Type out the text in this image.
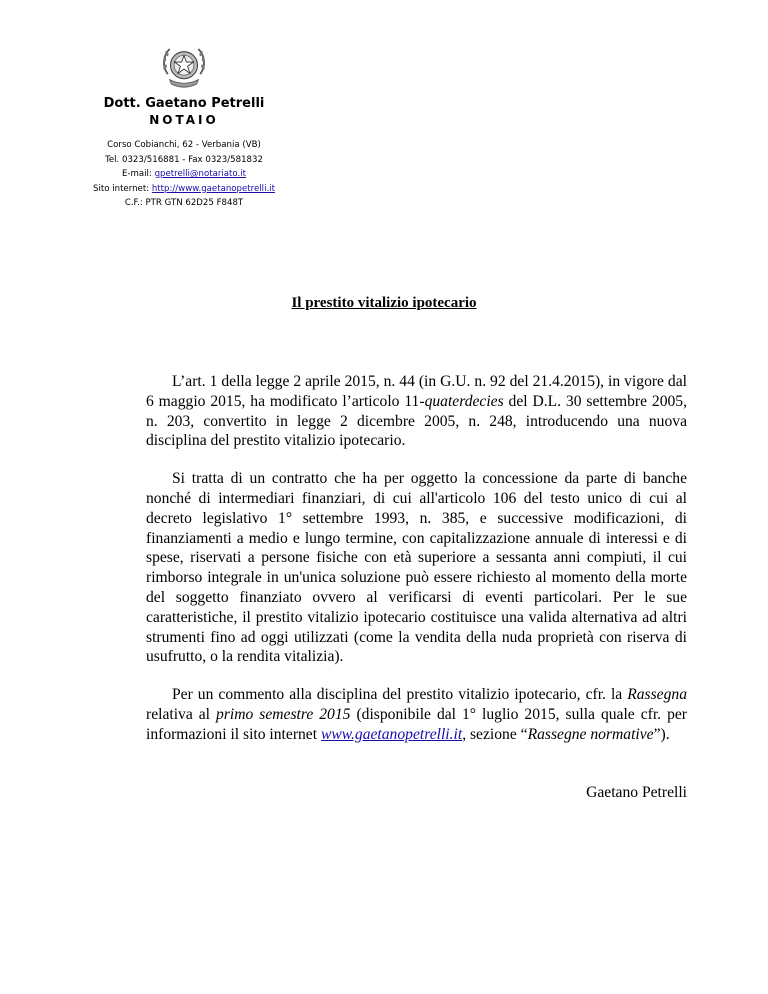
Dott. Gaetano Petrelli
NOTAIO
Corso Cobianchi, 62 - Verbania (VB)
Tel. 0323/516881 - Fax 0323/581832
E-mail: gpetrelli@notariato.it
Sito internet: http://www.gaetanopetrelli.it
C.F.: PTR GTN 62D25 F848T
Il prestito vitalizio ipotecario

L’art. 1 della legge 2 aprile 2015, n. 44 (in G.U. n. 92 del 21.4.2015), in vigore dal 6 maggio 2015, ha modificato l’articolo 11-quaterdecies del D.L. 30 settembre 2005, n. 203, convertito in legge 2 dicembre 2005, n. 248, introducendo una nuova disciplina del prestito vitalizio ipotecario.

Si tratta di un contratto che ha per oggetto la concessione da parte di banche nonché di intermediari finanziari, di cui all'articolo 106 del testo unico di cui al decreto legislativo 1° settembre 1993, n. 385, e successive modificazioni, di finanziamenti a medio e lungo termine, con capitalizzazione annuale di interessi e di spese, riservati a persone fisiche con età superiore a sessanta anni compiuti, il cui rimborso integrale in un'unica soluzione può essere richiesto al momento della morte del soggetto finanziato ovvero al verificarsi di eventi particolari. Per le sue caratteristiche, il prestito vitalizio ipotecario costituisce una valida alternativa ad altri strumenti fino ad oggi utilizzati (come la vendita della nuda proprietà con riserva di usufrutto, o la rendita vitalizia).

Per un commento alla disciplina del prestito vitalizio ipotecario, cfr. la Rassegna relativa al primo semestre 2015 (disponibile dal 1° luglio 2015, sulla quale cfr. per informazioni il sito internet www.gaetanopetrelli.it, sezione “Rassegne normative”).

Gaetano Petrelli
